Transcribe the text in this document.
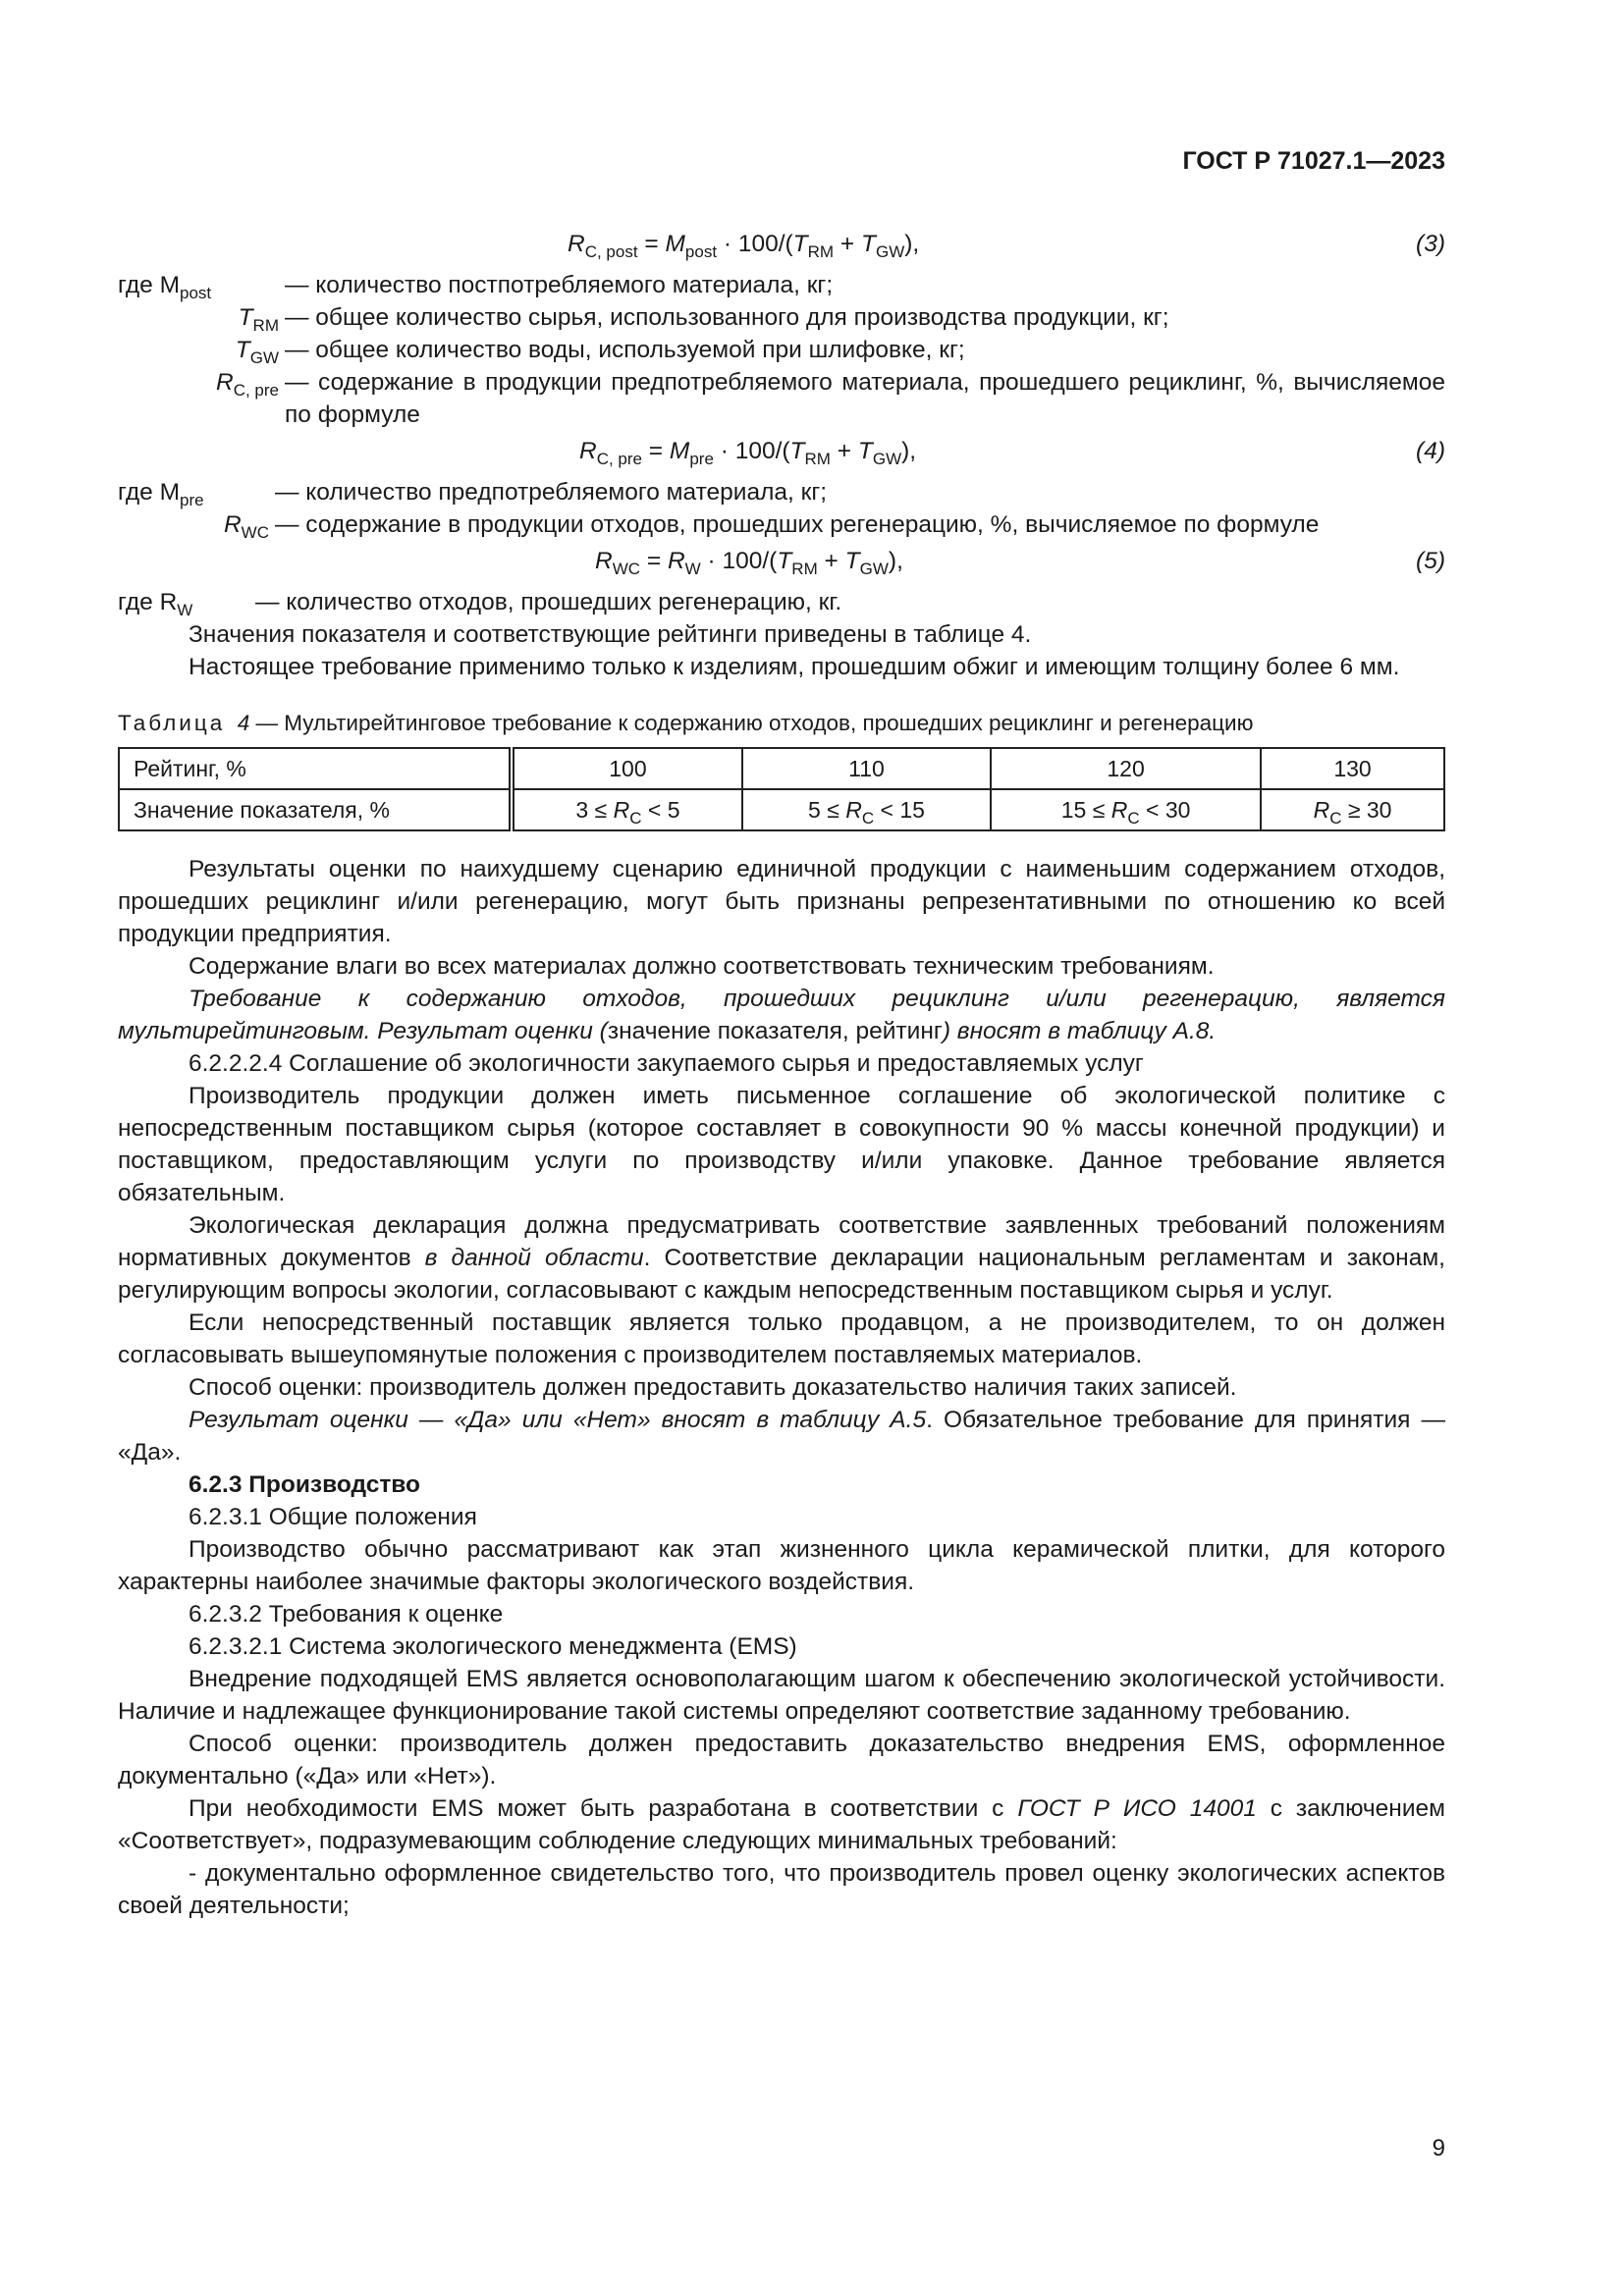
ГОСТ Р 71027.1—2023
$R_{C, post} = M_{post} \cdot 100/(T_{RM} + T_{GW})$,	(3)
где $M_{post}$	— количество постпотребляемого материала, кг;
$T_{RM}$ — общее количество сырья, использованного для производства продукции, кг;
$T_{GW}$ — общее количество воды, используемой при шлифовке, кг;
$R_{C, pre}$ — содержание в продукции предпотребляемого материала, прошедшего рециклинг, %, вычисляемое по формуле
$R_{C, pre} = M_{pre} \cdot 100/(T_{RM} + T_{GW})$,	(4)
где $M_{pre}$	— количество предпотребляемого материала, кг;
$R_{WC}$ — содержание в продукции отходов, прошедших регенерацию, %, вычисляемое по формуле
$R_{WC} = R_W \cdot 100/(T_{RM} + T_{GW})$,	(5)
где $R_W$	— количество отходов, прошедших регенерацию, кг.

Значения показателя и соответствующие рейтинги приведены в таблице 4.

Настоящее требование применимо только к изделиям, прошедшим обжиг и имеющим толщину более 6 мм.

Таблица 4 — Мультирейтинговое требование к содержанию отходов, прошедших рециклинг и регенерацию

Рейтинг, %	100	110	120	130
Значение показателя, %	$3 \le R_C < 5$	$5 \le R_C < 15$	$15 \le R_C < 30$	$R_C \ge 30$

Результаты оценки по наихудшему сценарию единичной продукции с наименьшим содержанием отходов, прошедших рециклинг и/или регенерацию, могут быть признаны репрезентативными по отношению ко всей продукции предприятия.

Содержание влаги во всех материалах должно соответствовать техническим требованиям.

Требование к содержанию отходов, прошедших рециклинг и/или регенерацию, является мультирейтинговым. Результат оценки (значение показателя, рейтинг) вносят в таблицу А.8.

6.2.2.2.4 Соглашение об экологичности закупаемого сырья и предоставляемых услуг

Производитель продукции должен иметь письменное соглашение об экологической политике с непосредственным поставщиком сырья (которое составляет в совокупности 90 % массы конечной продукции) и поставщиком, предоставляющим услуги по производству и/или упаковке. Данное требование является обязательным.

Экологическая декларация должна предусматривать соответствие заявленных требований положениям нормативных документов в данной области. Соответствие декларации национальным регламентам и законам, регулирующим вопросы экологии, согласовывают с каждым непосредственным поставщиком сырья и услуг.

Если непосредственный поставщик является только продавцом, а не производителем, то он должен согласовывать вышеупомянутые положения с производителем поставляемых материалов.

Способ оценки: производитель должен предоставить доказательство наличия таких записей.

Результат оценки — «Да» или «Нет» вносят в таблицу А.5. Обязательное требование для принятия — «Да».

6.2.3 Производство

6.2.3.1 Общие положения

Производство обычно рассматривают как этап жизненного цикла керамической плитки, для которого характерны наиболее значимые факторы экологического воздействия.

6.2.3.2 Требования к оценке

6.2.3.2.1 Система экологического менеджмента (EMS)

Внедрение подходящей EMS является основополагающим шагом к обеспечению экологической устойчивости. Наличие и надлежащее функционирование такой системы определяют соответствие заданному требованию.

Способ оценки: производитель должен предоставить доказательство внедрения EMS, оформленное документально («Да» или «Нет»).

При необходимости EMS может быть разработана в соответствии с ГОСТ Р ИСО 14001 с заключением «Соответствует», подразумевающим соблюдение следующих минимальных требований:

- документально оформленное свидетельство того, что производитель провел оценку экологических аспектов своей деятельности;

9
